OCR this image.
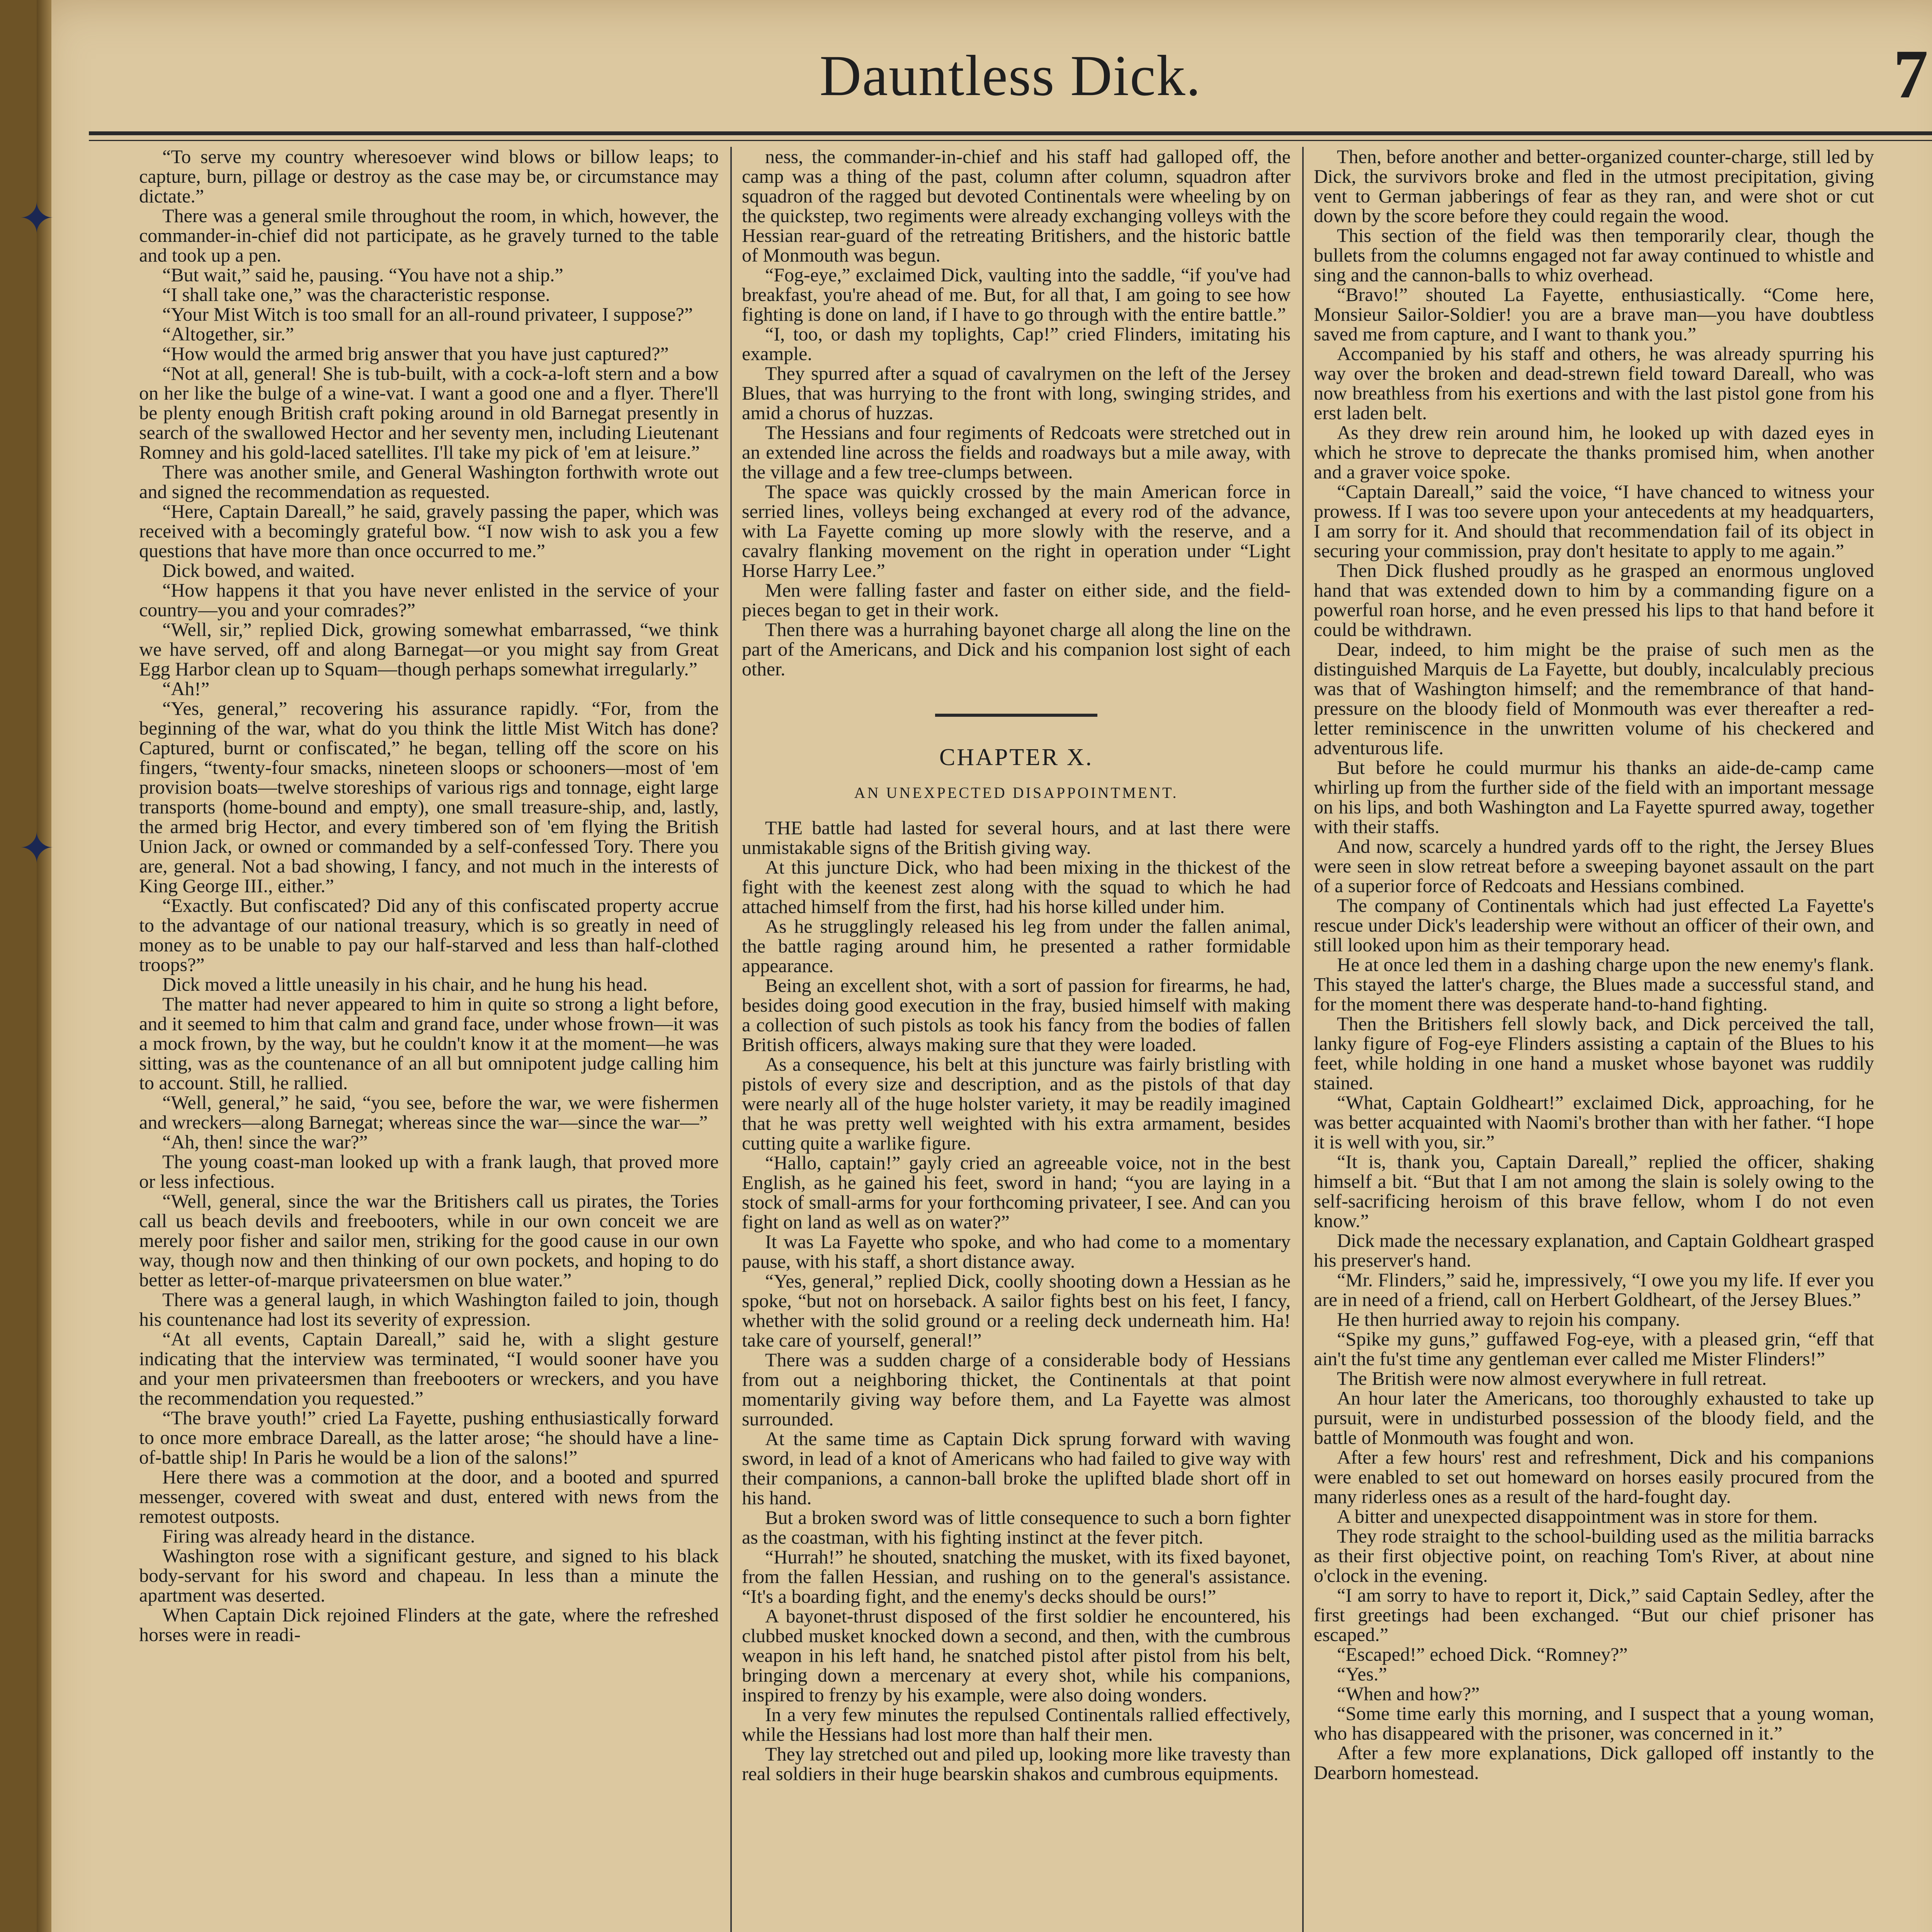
✦
✦
Dauntless Dick.	7

“To serve my country wheresoever wind blows or billow leaps; to capture, burn, pillage or destroy as the case may be, or circumstance may dictate.”

There was a general smile throughout the room, in which, however, the commander-in-chief did not participate, as he gravely turned to the table and took up a pen.

“But wait,” said he, pausing. “You have not a ship.”

“I shall take one,” was the characteristic response.

“Your Mist Witch is too small for an all-round privateer, I suppose?”

“Altogether, sir.”

“How would the armed brig answer that you have just captured?”

“Not at all, general! She is tub-built, with a cock-a-loft stern and a bow on her like the bulge of a wine-vat. I want a good one and a flyer. There'll be plenty enough British craft poking around in old Barnegat presently in search of the swallowed Hector and her seventy men, including Lieutenant Romney and his gold-laced satellites. I'll take my pick of 'em at leisure.”

There was another smile, and General Washington forthwith wrote out and signed the recommendation as requested.

“Here, Captain Dareall,” he said, gravely passing the paper, which was received with a becomingly grateful bow. “I now wish to ask you a few questions that have more than once occurred to me.”

Dick bowed, and waited.

“How happens it that you have never enlisted in the service of your country—you and your comrades?”

“Well, sir,” replied Dick, growing somewhat embarrassed, “we think we have served, off and along Barnegat—or you might say from Great Egg Harbor clean up to Squam—though perhaps somewhat irregularly.”

“Ah!”

“Yes, general,” recovering his assurance rapidly. “For, from the beginning of the war, what do you think the little Mist Witch has done? Captured, burnt or confiscated,” he began, telling off the score on his fingers, “twenty-four smacks, nineteen sloops or schooners—most of 'em provision boats—twelve storeships of various rigs and tonnage, eight large transports (home-bound and empty), one small treasure-ship, and, lastly, the armed brig Hector, and every timbered son of 'em flying the British Union Jack, or owned or commanded by a self-confessed Tory. There you are, general. Not a bad showing, I fancy, and not much in the interests of King George III., either.”

“Exactly. But confiscated? Did any of this confiscated property accrue to the advantage of our national treasury, which is so greatly in need of money as to be unable to pay our half-starved and less than half-clothed troops?”

Dick moved a little uneasily in his chair, and he hung his head.

The matter had never appeared to him in quite so strong a light before, and it seemed to him that calm and grand face, under whose frown—it was a mock frown, by the way, but he couldn't know it at the moment—he was sitting, was as the countenance of an all but omnipotent judge calling him to account. Still, he rallied.

“Well, general,” he said, “you see, before the war, we were fishermen and wreckers—along Barnegat; whereas since the war—since the war—”

“Ah, then! since the war?”

The young coast-man looked up with a frank laugh, that proved more or less infectious.

“Well, general, since the war the Britishers call us pirates, the Tories call us beach devils and freebooters, while in our own conceit we are merely poor fisher and sailor men, striking for the good cause in our own way, though now and then thinking of our own pockets, and hoping to do better as letter-of-marque privateersmen on blue water.”

There was a general laugh, in which Washington failed to join, though his countenance had lost its severity of expression.

“At all events, Captain Dareall,” said he, with a slight gesture indicating that the interview was terminated, “I would sooner have you and your men privateersmen than freebooters or wreckers, and you have the recommendation you requested.”

“The brave youth!” cried La Fayette, pushing enthusiastically forward to once more embrace Dareall, as the latter arose; “he should have a line-of-battle ship! In Paris he would be a lion of the salons!”

Here there was a commotion at the door, and a booted and spurred messenger, covered with sweat and dust, entered with news from the remotest outposts.

Firing was already heard in the distance.

Washington rose with a significant gesture, and signed to his black body-servant for his sword and chapeau. In less than a minute the apartment was deserted.

When Captain Dick rejoined Flinders at the gate, where the refreshed horses were in readi-

ness, the commander-in-chief and his staff had galloped off, the camp was a thing of the past, column after column, squadron after squadron of the ragged but devoted Continentals were wheeling by on the quickstep, two regiments were already exchanging volleys with the Hessian rear-guard of the retreating Britishers, and the historic battle of Monmouth was begun.

“Fog-eye,” exclaimed Dick, vaulting into the saddle, “if you've had breakfast, you're ahead of me. But, for all that, I am going to see how fighting is done on land, if I have to go through with the entire battle.”

“I, too, or dash my toplights, Cap!” cried Flinders, imitating his example.

They spurred after a squad of cavalrymen on the left of the Jersey Blues, that was hurrying to the front with long, swinging strides, and amid a chorus of huzzas.

The Hessians and four regiments of Redcoats were stretched out in an extended line across the fields and roadways but a mile away, with the village and a few tree-clumps between.

The space was quickly crossed by the main American force in serried lines, volleys being exchanged at every rod of the advance, with La Fayette coming up more slowly with the reserve, and a cavalry flanking movement on the right in operation under “Light Horse Harry Lee.”

Men were falling faster and faster on either side, and the field-pieces began to get in their work.

Then there was a hurrahing bayonet charge all along the line on the part of the Americans, and Dick and his companion lost sight of each other.

CHAPTER X.
AN UNEXPECTED DISAPPOINTMENT.

THE battle had lasted for several hours, and at last there were unmistakable signs of the British giving way.

At this juncture Dick, who had been mixing in the thickest of the fight with the keenest zest along with the squad to which he had attached himself from the first, had his horse killed under him.

As he strugglingly released his leg from under the fallen animal, the battle raging around him, he presented a rather formidable appearance.

Being an excellent shot, with a sort of passion for firearms, he had, besides doing good execution in the fray, busied himself with making a collection of such pistols as took his fancy from the bodies of fallen British officers, always making sure that they were loaded.

As a consequence, his belt at this juncture was fairly bristling with pistols of every size and description, and as the pistols of that day were nearly all of the huge holster variety, it may be readily imagined that he was pretty well weighted with his extra armament, besides cutting quite a warlike figure.

“Hallo, captain!” gayly cried an agreeable voice, not in the best English, as he gained his feet, sword in hand; “you are laying in a stock of small-arms for your forthcoming privateer, I see. And can you fight on land as well as on water?”

It was La Fayette who spoke, and who had come to a momentary pause, with his staff, a short distance away.

“Yes, general,” replied Dick, coolly shooting down a Hessian as he spoke, “but not on horseback. A sailor fights best on his feet, I fancy, whether with the solid ground or a reeling deck underneath him. Ha! take care of yourself, general!”

There was a sudden charge of a considerable body of Hessians from out a neighboring thicket, the Continentals at that point momentarily giving way before them, and La Fayette was almost surrounded.

At the same time as Captain Dick sprung forward with waving sword, in lead of a knot of Americans who had failed to give way with their companions, a cannon-ball broke the uplifted blade short off in his hand.

But a broken sword was of little consequence to such a born fighter as the coastman, with his fighting instinct at the fever pitch.

“Hurrah!” he shouted, snatching the musket, with its fixed bayonet, from the fallen Hessian, and rushing on to the general's assistance. “It's a boarding fight, and the enemy's decks should be ours!”

A bayonet-thrust disposed of the first soldier he encountered, his clubbed musket knocked down a second, and then, with the cumbrous weapon in his left hand, he snatched pistol after pistol from his belt, bringing down a mercenary at every shot, while his companions, inspired to frenzy by his example, were also doing wonders.

In a very few minutes the repulsed Continentals rallied effectively, while the Hessians had lost more than half their men.

They lay stretched out and piled up, looking more like travesty than real soldiers in their huge bearskin shakos and cumbrous equipments.

Then, before another and better-organized counter-charge, still led by Dick, the survivors broke and fled in the utmost precipitation, giving vent to German jabberings of fear as they ran, and were shot or cut down by the score before they could regain the wood.

This section of the field was then temporarily clear, though the bullets from the columns engaged not far away continued to whistle and sing and the cannon-balls to whiz overhead.

“Bravo!” shouted La Fayette, enthusiastically. “Come here, Monsieur Sailor-Soldier! you are a brave man—you have doubtless saved me from capture, and I want to thank you.”

Accompanied by his staff and others, he was already spurring his way over the broken and dead-strewn field toward Dareall, who was now breathless from his exertions and with the last pistol gone from his erst laden belt.

As they drew rein around him, he looked up with dazed eyes in which he strove to deprecate the thanks promised him, when another and a graver voice spoke.

“Captain Dareall,” said the voice, “I have chanced to witness your prowess. If I was too severe upon your antecedents at my headquarters, I am sorry for it. And should that recommendation fail of its object in securing your commission, pray don't hesitate to apply to me again.”

Then Dick flushed proudly as he grasped an enormous ungloved hand that was extended down to him by a commanding figure on a powerful roan horse, and he even pressed his lips to that hand before it could be withdrawn.

Dear, indeed, to him might be the praise of such men as the distinguished Marquis de La Fayette, but doubly, incalculably precious was that of Washington himself; and the remembrance of that hand-pressure on the bloody field of Monmouth was ever thereafter a red-letter reminiscence in the unwritten volume of his checkered and adventurous life.

But before he could murmur his thanks an aide-de-camp came whirling up from the further side of the field with an important message on his lips, and both Washington and La Fayette spurred away, together with their staffs.

And now, scarcely a hundred yards off to the right, the Jersey Blues were seen in slow retreat before a sweeping bayonet assault on the part of a superior force of Redcoats and Hessians combined.

The company of Continentals which had just effected La Fayette's rescue under Dick's leadership were without an officer of their own, and still looked upon him as their temporary head.

He at once led them in a dashing charge upon the new enemy's flank. This stayed the latter's charge, the Blues made a successful stand, and for the moment there was desperate hand-to-hand fighting.

Then the Britishers fell slowly back, and Dick perceived the tall, lanky figure of Fog-eye Flinders assisting a captain of the Blues to his feet, while holding in one hand a musket whose bayonet was ruddily stained.

“What, Captain Goldheart!” exclaimed Dick, approaching, for he was better acquainted with Naomi's brother than with her father. “I hope it is well with you, sir.”

“It is, thank you, Captain Dareall,” replied the officer, shaking himself a bit. “But that I am not among the slain is solely owing to the self-sacrificing heroism of this brave fellow, whom I do not even know.”

Dick made the necessary explanation, and Captain Goldheart grasped his preserver's hand.

“Mr. Flinders,” said he, impressively, “I owe you my life. If ever you are in need of a friend, call on Herbert Goldheart, of the Jersey Blues.”

He then hurried away to rejoin his company.

“Spike my guns,” guffawed Fog-eye, with a pleased grin, “eff that ain't the fu'st time any gentleman ever called me Mister Flinders!”

The British were now almost everywhere in full retreat.

An hour later the Americans, too thoroughly exhausted to take up pursuit, were in undisturbed possession of the bloody field, and the battle of Monmouth was fought and won.

After a few hours' rest and refreshment, Dick and his companions were enabled to set out homeward on horses easily procured from the many riderless ones as a result of the hard-fought day.

A bitter and unexpected disappointment was in store for them.

They rode straight to the school-building used as the militia barracks as their first objective point, on reaching Tom's River, at about nine o'clock in the evening.

“I am sorry to have to report it, Dick,” said Captain Sedley, after the first greetings had been exchanged. “But our chief prisoner has escaped.”

“Escaped!” echoed Dick. “Romney?”

“Yes.”

“When and how?”

“Some time early this morning, and I suspect that a young woman, who has disappeared with the prisoner, was concerned in it.”

After a few more explanations, Dick galloped off instantly to the Dearborn homestead.
